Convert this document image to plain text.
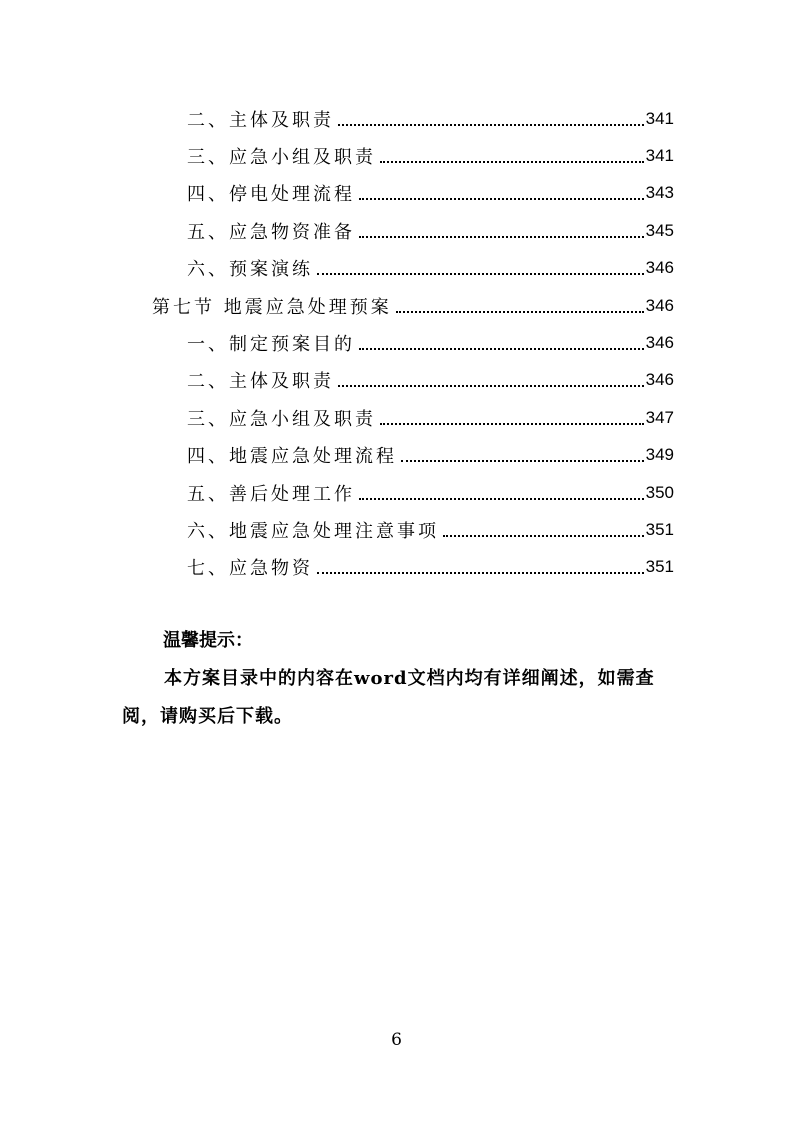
二、主体及职责	341
三、应急小组及职责	341
四、停电处理流程	343
五、应急物资准备	345
六、预案演练	346
第七节 地震应急处理预案	346
一、制定预案目的	346
二、主体及职责	346
三、应急小组及职责	347
四、地震应急处理流程	349
五、善后处理工作	350
六、地震应急处理注意事项	351
七、应急物资	351
温馨提示：
本方案目录中的内容在word文档内均有详细阐述，如需查阅，请购买后下载。
6
